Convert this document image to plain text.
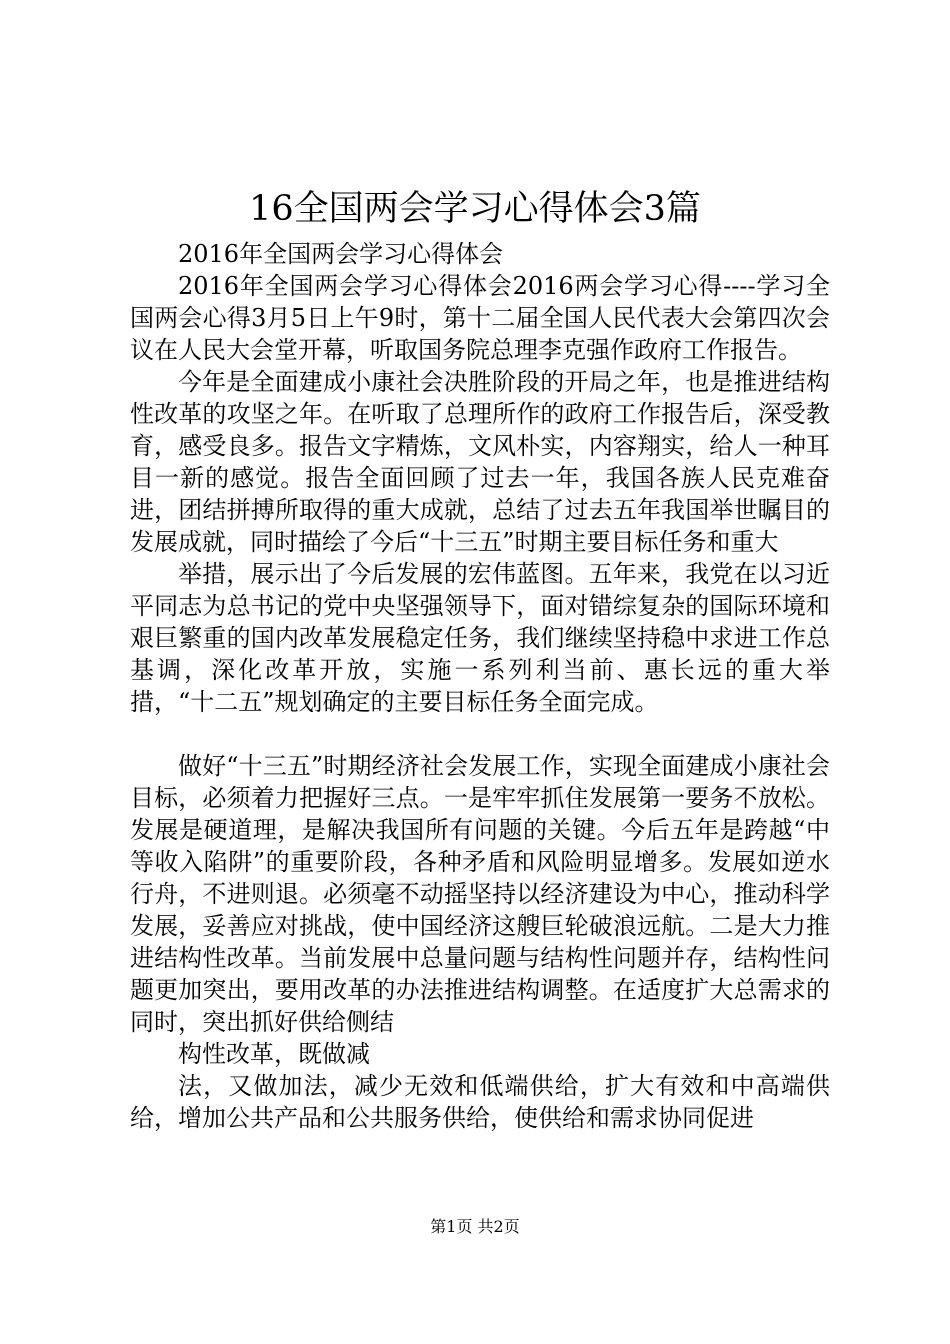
16全国两会学习心得体会3篇

2016年全国两会学习心得体会

2016年全国两会学习心得体会2016两会学习心得----学习全国两会心得3月5日上午9时，第十二届全国人民代表大会第四次会议在人民大会堂开幕，听取国务院总理李克强作政府工作报告。

今年是全面建成小康社会决胜阶段的开局之年，也是推进结构性改革的攻坚之年。在听取了总理所作的政府工作报告后，深受教育，感受良多。报告文字精炼，文风朴实，内容翔实，给人一种耳目一新的感觉。报告全面回顾了过去一年，我国各族人民克难奋进，团结拼搏所取得的重大成就，总结了过去五年我国举世瞩目的发展成就，同时描绘了今后“十三五”时期主要目标任务和重大

举措，展示出了今后发展的宏伟蓝图。五年来，我党在以习近平同志为总书记的党中央坚强领导下，面对错综复杂的国际环境和艰巨繁重的国内改革发展稳定任务，我们继续坚持稳中求进工作总基调，深化改革开放，实施一系列利当前、惠长远的重大举措，“十二五”规划确定的主要目标任务全面完成。

做好“十三五”时期经济社会发展工作，实现全面建成小康社会目标，必须着力把握好三点。一是牢牢抓住发展第一要务不放松。发展是硬道理，是解决我国所有问题的关键。今后五年是跨越“中等收入陷阱”的重要阶段，各种矛盾和风险明显增多。发展如逆水行舟，不进则退。必须毫不动摇坚持以经济建设为中心，推动科学发展，妥善应对挑战，使中国经济这艘巨轮破浪远航。二是大力推进结构性改革。当前发展中总量问题与结构性问题并存，结构性问题更加突出，要用改革的办法推进结构调整。在适度扩大总需求的同时，突出抓好供给侧结

构性改革，既做减

法，又做加法，减少无效和低端供给，扩大有效和中高端供给，增加公共产品和公共服务供给，使供给和需求协同促进

第1页 共2页
